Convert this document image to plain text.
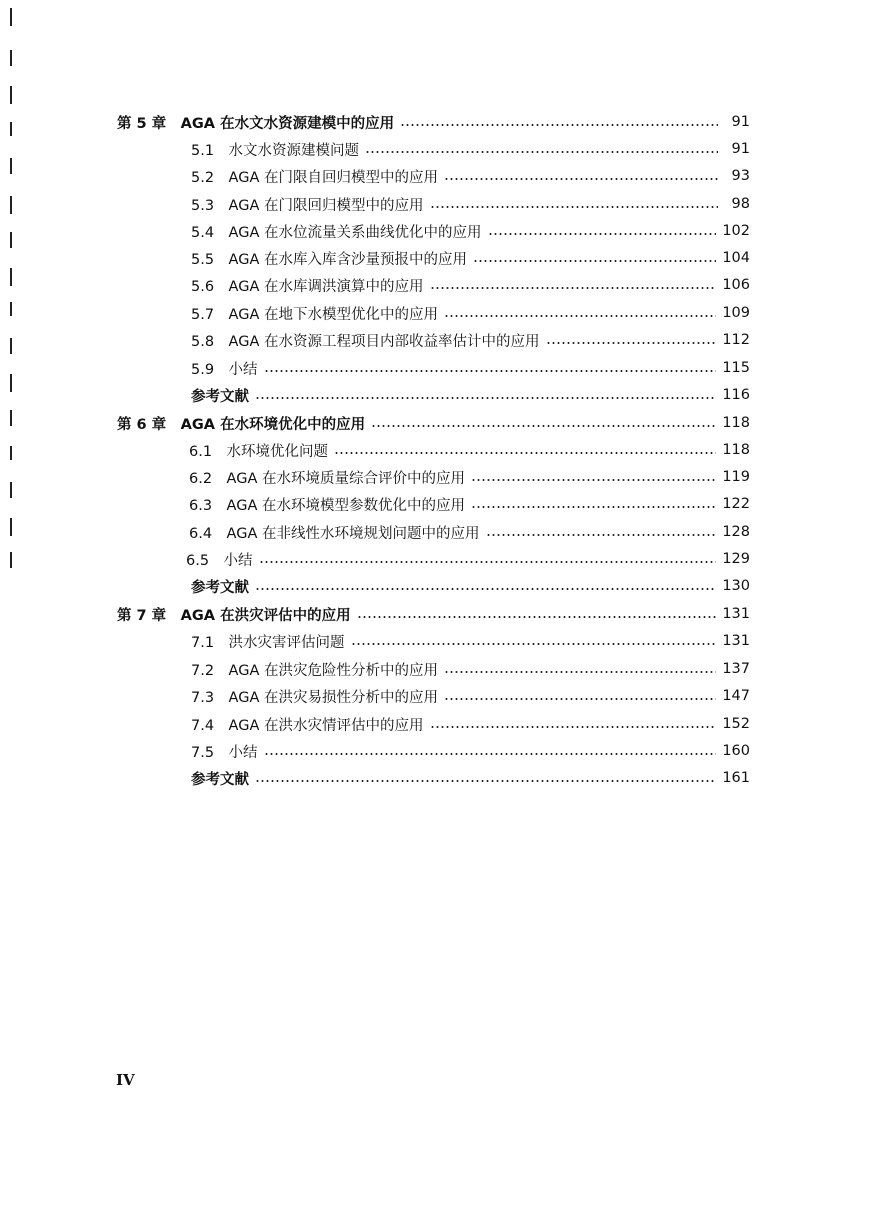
第 5 章　AGA 在水文水资源建模中的应用	91
5.1　水文水资源建模问题	91
5.2　AGA 在门限自回归模型中的应用	93
5.3　AGA 在门限回归模型中的应用	98
5.4　AGA 在水位流量关系曲线优化中的应用	102
5.5　AGA 在水库入库含沙量预报中的应用	104
5.6　AGA 在水库调洪演算中的应用	106
5.7　AGA 在地下水模型优化中的应用	109
5.8　AGA 在水资源工程项目内部收益率估计中的应用	112
5.9　小结	115
参考文献	116
第 6 章　AGA 在水环境优化中的应用	118
6.1　水环境优化问题	118
6.2　AGA 在水环境质量综合评价中的应用	119
6.3　AGA 在水环境模型参数优化中的应用	122
6.4　AGA 在非线性水环境规划问题中的应用	128
6.5　小结	129
参考文献	130
第 7 章　AGA 在洪灾评估中的应用	131
7.1　洪水灾害评估问题	131
7.2　AGA 在洪灾危险性分析中的应用	137
7.3　AGA 在洪灾易损性分析中的应用	147
7.4　AGA 在洪水灾情评估中的应用	152
7.5　小结	160
参考文献	161
IV
